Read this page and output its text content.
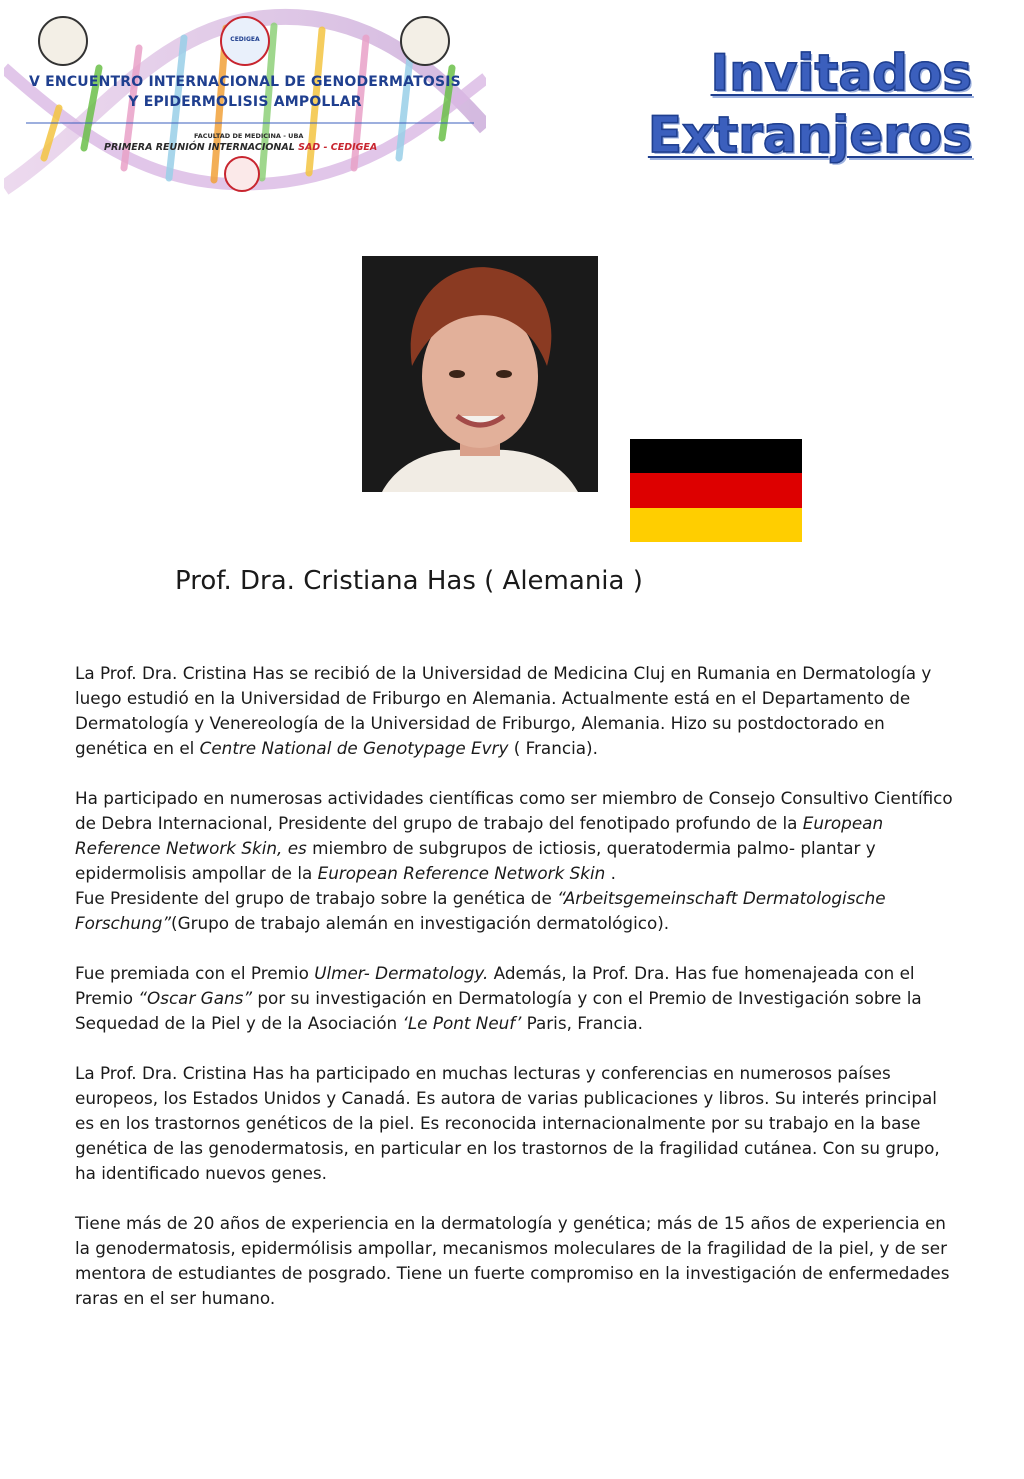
CEDIGEA
V ENCUENTRO INTERNACIONAL DE GENODERMATOSIS
Y EPIDERMOLISIS AMPOLLAR
FACULTAD DE MEDICINA - UBA
PRIMERA REUNIÓN INTERNACIONAL SAD - CEDIGEA
Invitados
Extranjeros
Prof. Dra. Cristiana Has ( Alemania )

La Prof. Dra. Cristina Has se recibió de la Universidad de Medicina Cluj en Rumania en Dermatología y luego estudió en la Universidad de Friburgo en Alemania. Actualmente está en el Departamento de Dermatología y Venereología de la Universidad de Friburgo, Alemania. Hizo su postdoctorado en genética en el Centre National de Genotypage Evry ( Francia).

Ha participado en numerosas actividades científicas como ser miembro de Consejo Consultivo Científico de Debra Internacional, Presidente del grupo de trabajo del fenotipado profundo de la European Reference Network Skin, es miembro de subgrupos de ictiosis, queratodermia palmo- plantar y epidermolisis ampollar de la European Reference Network Skin .

Fue Presidente del grupo de trabajo sobre la genética de “Arbeitsgemeinschaft Dermatologische Forschung”(Grupo de trabajo alemán en investigación dermatológico).

Fue premiada con el Premio Ulmer- Dermatology. Además, la Prof. Dra. Has fue homenajeada con el Premio “Oscar Gans” por su investigación en Dermatología y con el Premio de Investigación sobre la Sequedad de la Piel y de la Asociación ‘Le Pont Neuf’ Paris, Francia.

La Prof. Dra. Cristina Has ha participado en muchas lecturas y conferencias en numerosos países europeos, los Estados Unidos y Canadá. Es autora de varias publicaciones y libros. Su interés principal es en los trastornos genéticos de la piel. Es reconocida internacionalmente por su trabajo en la base genética de las genodermatosis, en particular en los trastornos de la fragilidad cutánea. Con su grupo, ha identificado nuevos genes.

Tiene más de 20 años de experiencia en la dermatología y genética; más de 15 años de experiencia en la genodermatosis, epidermólisis ampollar, mecanismos moleculares de la fragilidad de la piel, y de ser mentora de estudiantes de posgrado. Tiene un fuerte compromiso en la investigación de enfermedades raras en el ser humano.
